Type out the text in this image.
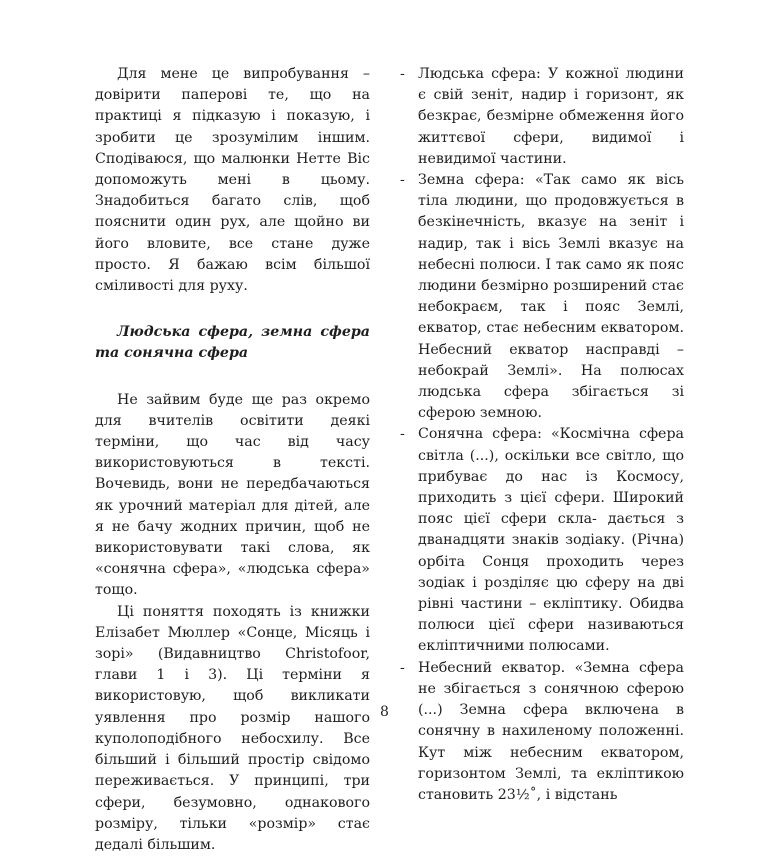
Для мене це випробування – довірити паперові те, що на практиці я підказую і показую, і зробити це зрозумілим іншим. Сподіваюся, що малюнки Нетте Віс допоможуть мені в цьому. Знадобиться багато слів, щоб пояснити один рух, але щойно ви його вловите, все стане дуже просто. Я бажаю всім більшої сміливості для руху.

Людська сфера, земна сфера та сонячна сфера

Не зайвим буде ще раз окремо для вчителів освітити деякі терміни, що час від часу використовуються в тексті. Вочевидь, вони не передбачаються як урочний матеріал для дітей, але я не бачу жодних причин, щоб не використовувати такі слова, як «сонячна сфера», «людська сфера» тощо.

Ці поняття походять із книжки Елізабет Мюллер «Сонце, Місяць і зорі» (Видавництво Christofoor, глави 1 і 3). Ці терміни я використовую, щоб викликати уявлення про розмір нашого куполоподібного небосхилу. Все більший і більший простір свідомо переживається. У принципі, три сфери, безумовно, однакового розміру, тільки «розмір» стає дедалі більшим.

- Людська сфера: У кожної людини є свій зеніт, надир і горизонт, як безкрає, безмірне обмеження його життєвої сфери, видимої і невидимої частини.
- Земна сфера: «Так само як вісь тіла людини, що продовжується в безкінечність, вказує на зеніт і надир, так і вісь Землі вказує на небесні полюси. І так само як пояс людини безмірно розширений стає небокраєм, так і пояс Землі, екватор, стає небесним екватором. Небесний екватор насправді – небокрай Землі». На полюсах людська сфера збігається зі сферою земною.
- Сонячна сфера: «Космічна сфера світла (...), оскільки все світло, що прибуває до нас із Космосу, приходить з цієї сфери. Широкий пояс цієї сфери скла- дається з дванадцяти знаків зодіаку. (Річна) орбіта Сонця проходить через зодіак і розділяє цю сферу на дві рівні частини – екліптику. Обидва полюси цієї сфери називаються екліптичними полюсами.
- Небесний екватор. «Земна сфера не збігається з сонячною сферою (...) Земна сфера включена в сонячну в нахиленому положенні. Кут між небесним екватором, горизонтом Землі, та екліптикою становить 23½˚, і відстань
8
